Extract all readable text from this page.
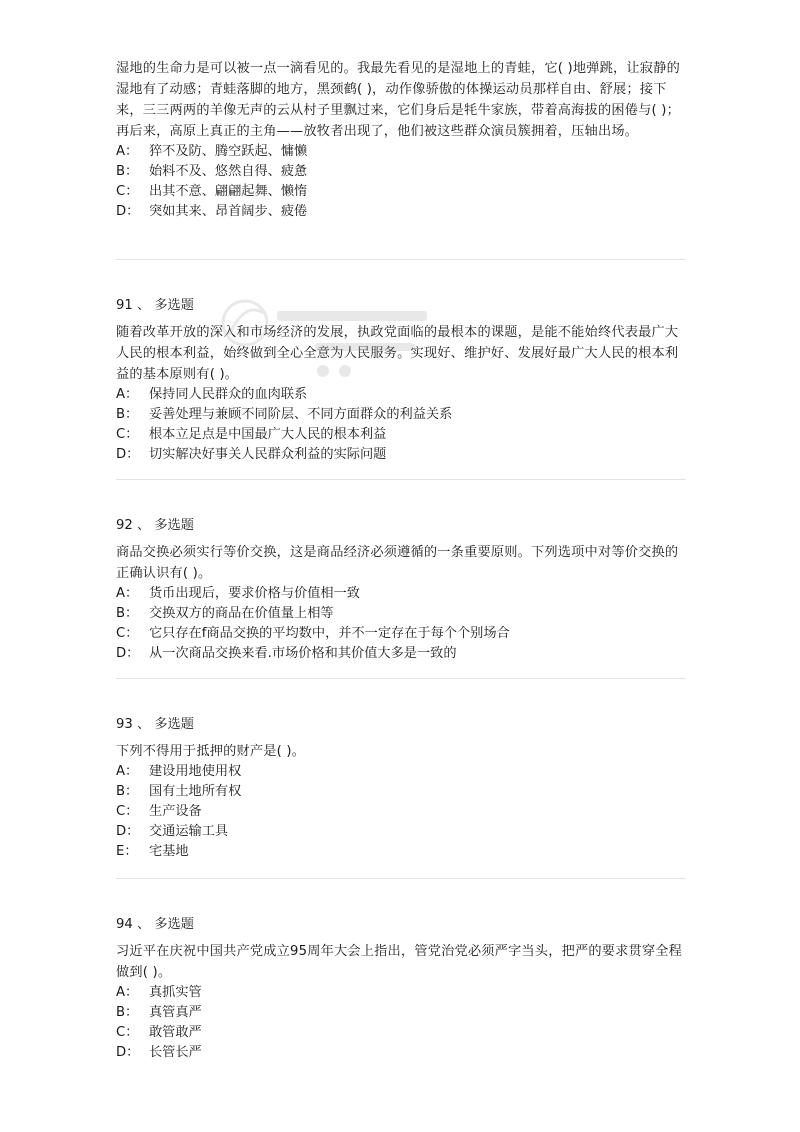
湿地的生命力是可以被一点一滴看见的。我最先看见的是湿地上的青蛙，它( )地弹跳，让寂静的湿地有了动感；青蛙落脚的地方，黑颈鹤( )，动作像骄傲的体操运动员那样自由、舒展；接下来，三三两两的羊像无声的云从村子里飘过来，它们身后是牦牛家族，带着高海拔的困倦与( )；再后来，高原上真正的主角——放牧者出现了，他们被这些群众演员簇拥着，压轴出场。

A： 猝不及防、腾空跃起、慵懒

B： 始料不及、悠然自得、疲惫

C： 出其不意、翩翩起舞、懒惰

D： 突如其来、昂首阔步、疲倦

91 、 多选题

随着改革开放的深入和市场经济的发展，执政党面临的最根本的课题，是能不能始终代表最广大人民的根本利益，始终做到全心全意为人民服务。实现好、维护好、发展好最广大人民的根本利益的基本原则有( )。

A： 保持同人民群众的血肉联系

B： 妥善处理与兼顾不同阶层、不同方面群众的利益关系

C： 根本立足点是中国最广大人民的根本利益

D： 切实解决好事关人民群众利益的实际问题

92 、 多选题

商品交换必须实行等价交换，这是商品经济必须遵循的一条重要原则。下列选项中对等价交换的正确认识有( )。

A： 货币出现后，要求价格与价值相一致

B： 交换双方的商品在价值量上相等

C： 它只存在f商品交换的平均数中，并不一定存在于每个个别场合

D： 从一次商品交换来看.市场价格和其价值大多是一致的

93 、 多选题

下列不得用于抵押的财产是( )。

A： 建设用地使用权

B： 国有土地所有权

C： 生产设备

D： 交通运输工具

E： 宅基地

94 、 多选题

习近平在庆祝中国共产党成立95周年大会上指出，管党治党必须严字当头，把严的要求贯穿全程做到( )。

A： 真抓实管

B： 真管真严

C： 敢管敢严

D： 长管长严
